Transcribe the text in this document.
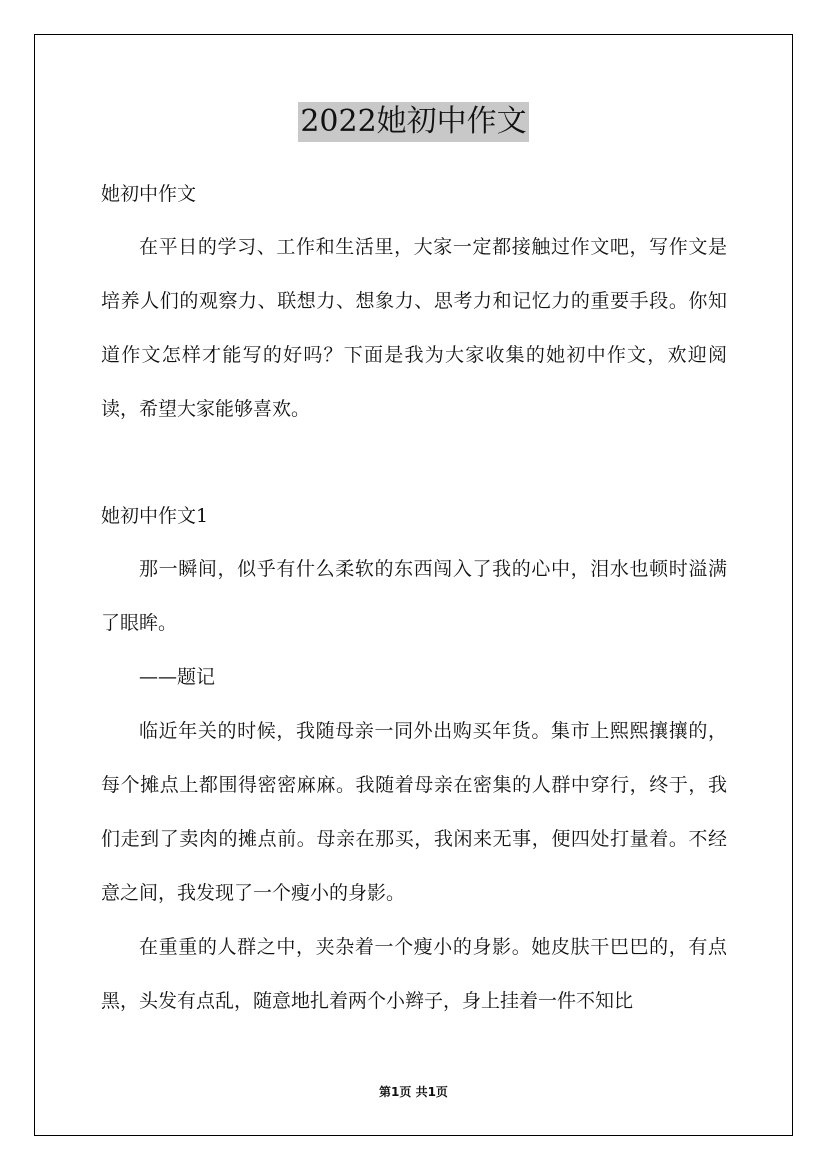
2022她初中作文

她初中作文

在平日的学习、工作和生活里，大家一定都接触过作文吧，写作文是培养人们的观察力、联想力、想象力、思考力和记忆力的重要手段。你知道作文怎样才能写的好吗？下面是我为大家收集的她初中作文，欢迎阅读，希望大家能够喜欢。

她初中作文1

那一瞬间，似乎有什么柔软的东西闯入了我的心中，泪水也顿时溢满了眼眸。

——题记

临近年关的时候，我随母亲一同外出购买年货。集市上熙熙攘攘的，每个摊点上都围得密密麻麻。我随着母亲在密集的人群中穿行，终于，我们走到了卖肉的摊点前。母亲在那买，我闲来无事，便四处打量着。不经意之间，我发现了一个瘦小的身影。

在重重的人群之中，夹杂着一个瘦小的身影。她皮肤干巴巴的，有点黑，头发有点乱，随意地扎着两个小辫子，身上挂着一件不知比

第1页 共1页
